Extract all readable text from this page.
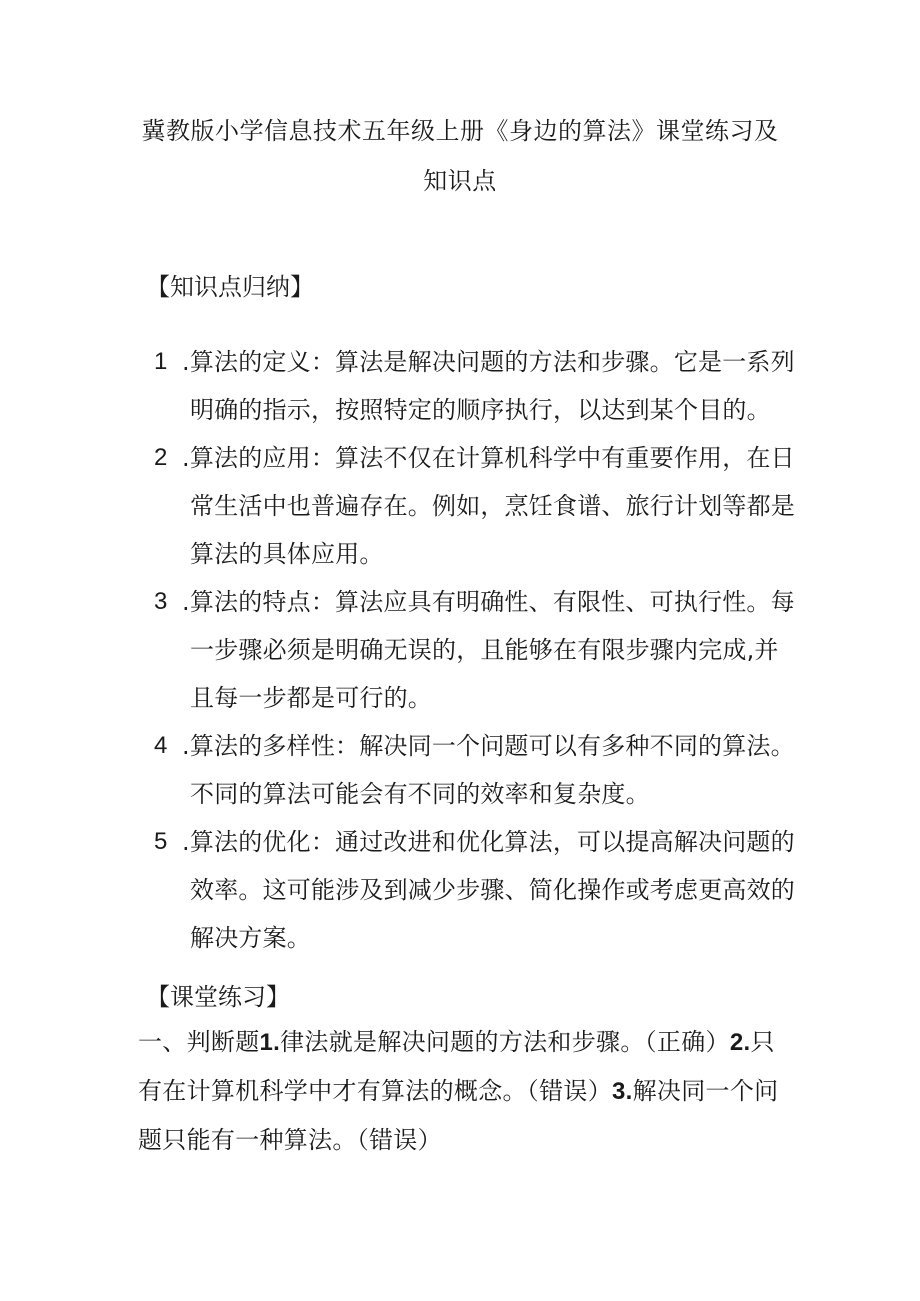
冀教版小学信息技术五年级上册《身边的算法》课堂练习及
知识点
【知识点归纳】
1 .算法的定义：算法是解决问题的方法和步骤。它是一系列明确的指示，按照特定的顺序执行，以达到某个目的。
2 .算法的应用：算法不仅在计算机科学中有重要作用，在日常生活中也普遍存在。例如，烹饪食谱、旅行计划等都是算法的具体应用。
3 .算法的特点：算法应具有明确性、有限性、可执行性。每一步骤必须是明确无误的，且能够在有限步骤内完成,并且每一步都是可行的。
4 .算法的多样性：解决同一个问题可以有多种不同的算法。不同的算法可能会有不同的效率和复杂度。
5 .算法的优化：通过改进和优化算法，可以提高解决问题的效率。这可能涉及到减少步骤、简化操作或考虑更高效的解决方案。
【课堂练习】
一、判断题1.律法就是解决问题的方法和步骤。（正确）2.只有在计算机科学中才有算法的概念。（错误）3.解决同一个问题只能有一种算法。（错误）
